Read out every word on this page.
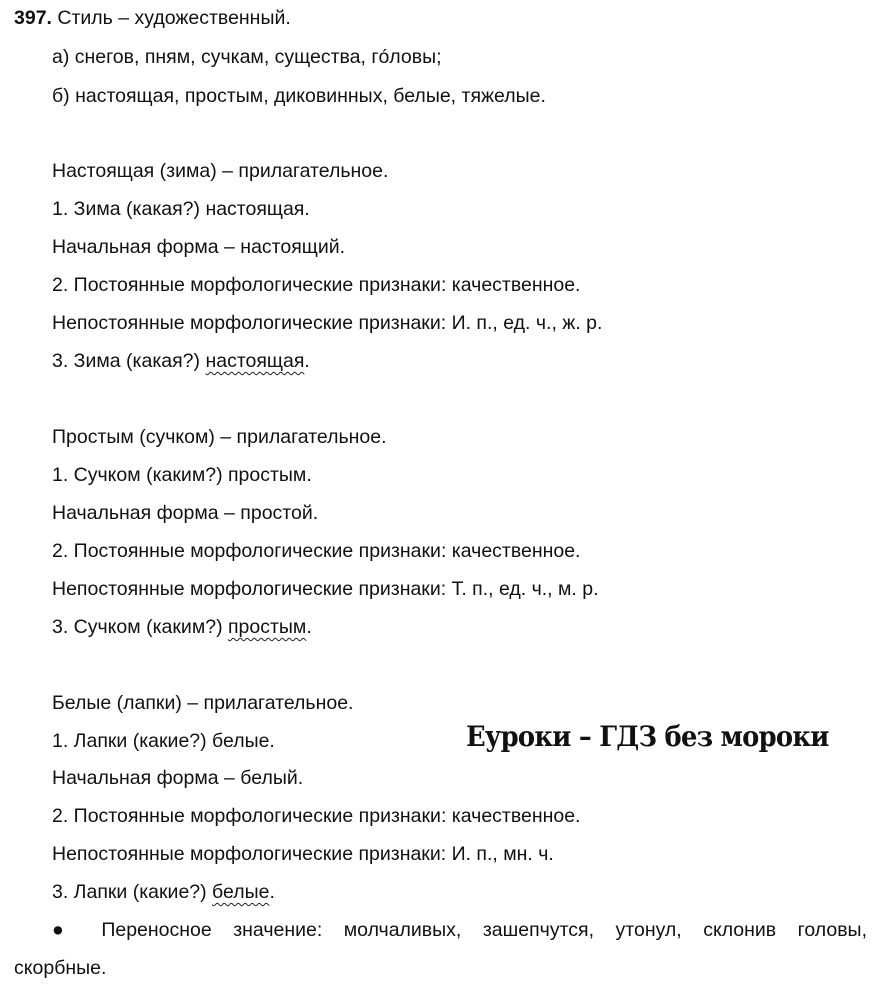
397. Стиль – художественный.
а) снегов, пням, сучкам, существа, гóловы;
б) настоящая, простым, диковинных, белые, тяжелые.
Настоящая (зима) – прилагательное.
1. Зима (какая?) настоящая.
Начальная форма – настоящий.
2. Постоянные морфологические признаки: качественное.
Непостоянные морфологические признаки: И. п., ед. ч., ж. р.
3. Зима (какая?) настоящая.
Простым (сучком) – прилагательное.
1. Сучком (каким?) простым.
Начальная форма – простой.
2. Постоянные морфологические признаки: качественное.
Непостоянные морфологические признаки: Т. п., ед. ч., м. р.
3. Сучком (каким?) простым.
Белые (лапки) – прилагательное.
1. Лапки (какие?) белые.
Начальная форма – белый.
2. Постоянные морфологические признаки: качественное.
Непостоянные морфологические признаки: И. п., мн. ч.
3. Лапки (какие?) белые.
● Переносное значение: молчаливых, зашепчутся, утонул, склонив головы,
скорбные.
Еуроки – ГДЗ без мороки
